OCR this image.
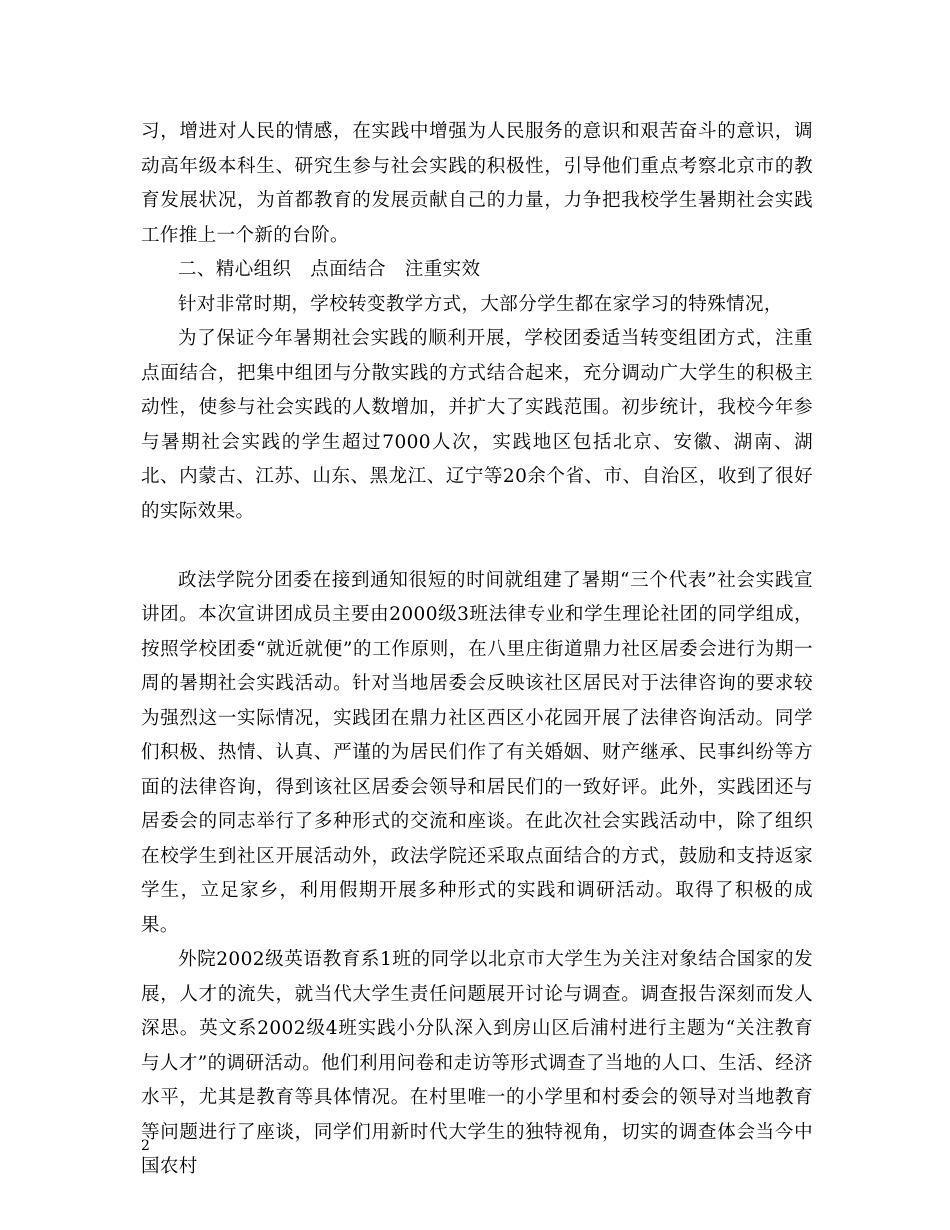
习，增进对人民的情感，在实践中增强为人民服务的意识和艰苦奋斗的意识，调动高年级本科生、研究生参与社会实践的积极性，引导他们重点考察北京市的教育发展状况，为首都教育的发展贡献自己的力量，力争把我校学生暑期社会实践工作推上一个新的台阶。

二、精心组织　点面结合　注重实效

针对非常时期，学校转变教学方式，大部分学生都在家学习的特殊情况，

为了保证今年暑期社会实践的顺利开展，学校团委适当转变组团方式，注重点面结合，把集中组团与分散实践的方式结合起来，充分调动广大学生的积极主动性，使参与社会实践的人数增加，并扩大了实践范围。初步统计，我校今年参与暑期社会实践的学生超过7000人次，实践地区包括北京、安徽、湖南、湖北、内蒙古、江苏、山东、黑龙江、辽宁等20余个省、市、自治区，收到了很好的实际效果。

政法学院分团委在接到通知很短的时间就组建了暑期“三个代表”社会实践宣讲团。本次宣讲团成员主要由2000级3班法律专业和学生理论社团的同学组成，按照学校团委“就近就便”的工作原则，在八里庄街道鼎力社区居委会进行为期一周的暑期社会实践活动。针对当地居委会反映该社区居民对于法律咨询的要求较为强烈这一实际情况，实践团在鼎力社区西区小花园开展了法律咨询活动。同学们积极、热情、认真、严谨的为居民们作了有关婚姻、财产继承、民事纠纷等方面的法律咨询，得到该社区居委会领导和居民们的一致好评。此外，实践团还与居委会的同志举行了多种形式的交流和座谈。在此次社会实践活动中，除了组织在校学生到社区开展活动外，政法学院还采取点面结合的方式，鼓励和支持返家学生，立足家乡，利用假期开展多种形式的实践和调研活动。取得了积极的成果。

外院2002级英语教育系1班的同学以北京市大学生为关注对象结合国家的发展，人才的流失，就当代大学生责任问题展开讨论与调查。调查报告深刻而发人深思。英文系2002级4班实践小分队深入到房山区后浦村进行主题为“关注教育与人才”的调研活动。他们利用问卷和走访等形式调查了当地的人口、生活、经济水平，尤其是教育等具体情况。在村里唯一的小学里和村委会的领导对当地教育等问题进行了座谈，同学们用新时代大学生的独特视角，切实的调查体会当今中国农村

2
